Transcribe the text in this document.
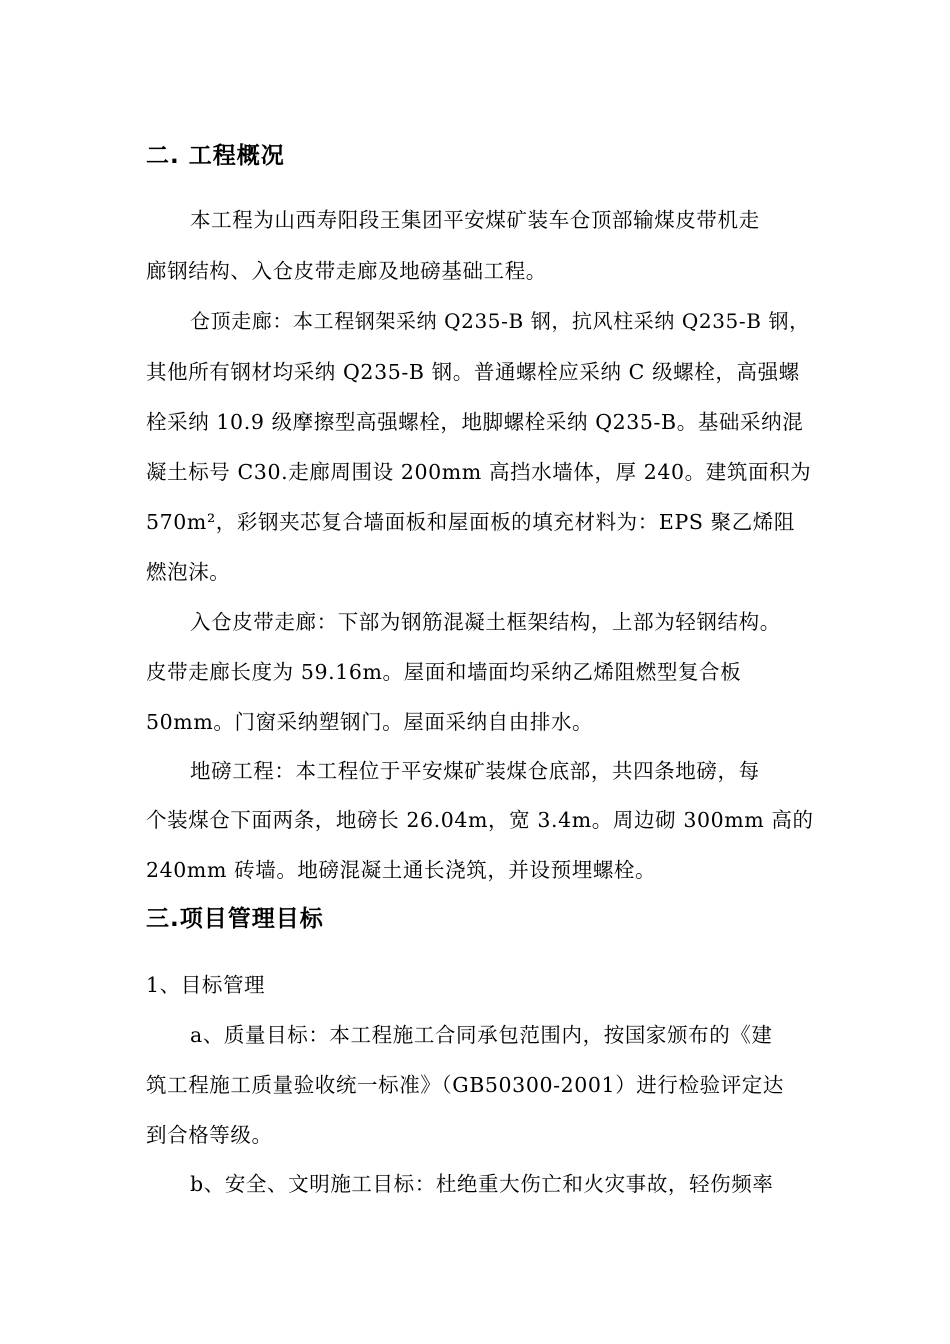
二. 工程概况
本工程为山西寿阳段王集团平安煤矿装车仓顶部输煤皮带机走
廊钢结构、入仓皮带走廊及地磅基础工程。
仓顶走廊：本工程钢架采纳 Q235-B 钢，抗风柱采纳 Q235-B 钢，
其他所有钢材均采纳 Q235-B 钢。普通螺栓应采纳 C 级螺栓，高强螺
栓采纳 10.9 级摩擦型高强螺栓，地脚螺栓采纳 Q235-B。基础采纳混
凝土标号 C30.走廊周围设 200mm 高挡水墙体，厚 240。建筑面积为
570m²，彩钢夹芯复合墙面板和屋面板的填充材料为：EPS 聚乙烯阻
燃泡沫。
入仓皮带走廊：下部为钢筋混凝土框架结构，上部为轻钢结构。
皮带走廊长度为 59.16m。屋面和墙面均采纳乙烯阻燃型复合板
50mm。门窗采纳塑钢门。屋面采纳自由排水。
地磅工程：本工程位于平安煤矿装煤仓底部，共四条地磅，每
个装煤仓下面两条，地磅长 26.04m，宽 3.4m。周边砌 300mm 高的
240mm 砖墙。地磅混凝土通长浇筑，并设预埋螺栓。
三.项目管理目标
1、目标管理
a、质量目标：本工程施工合同承包范围内，按国家颁布的《建
筑工程施工质量验收统一标准》（GB50300-2001）进行检验评定达
到合格等级。
b、安全、文明施工目标：杜绝重大伤亡和火灾事故，轻伤频率
